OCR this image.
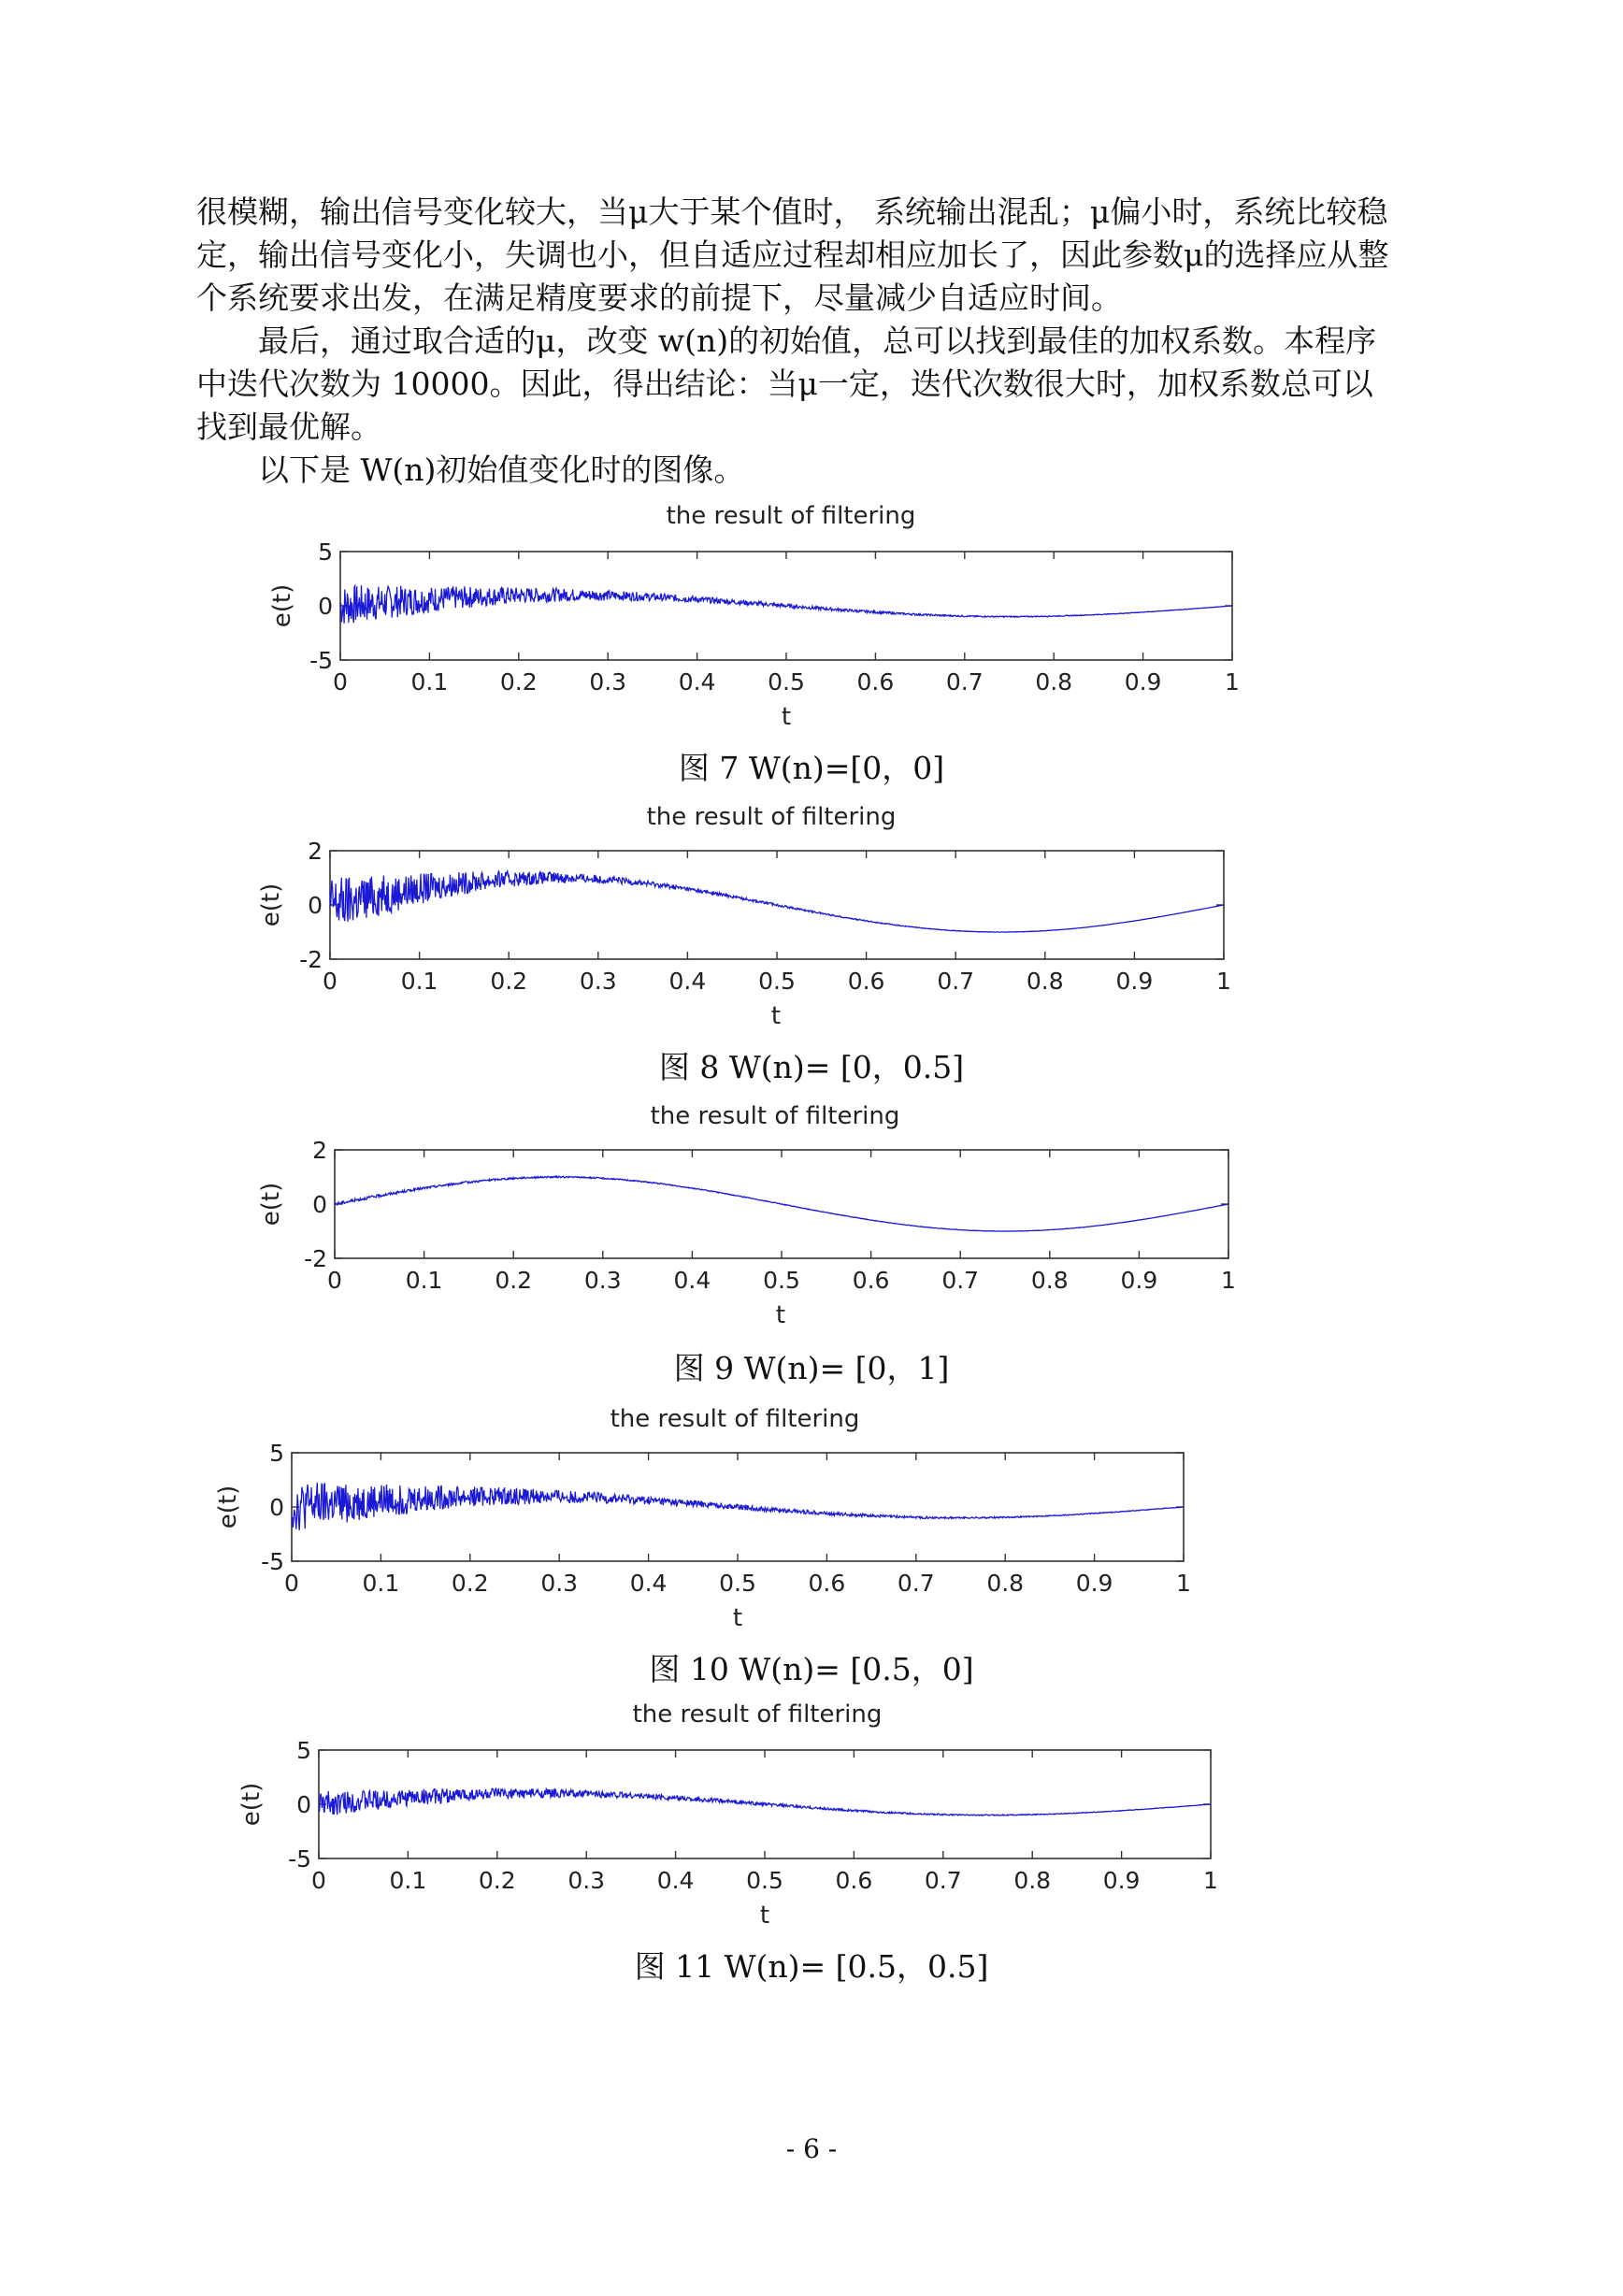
很模糊，输出信号变化较大，当μ大于某个值时， 系统输出混乱；μ偏小时，系统比较稳
定，输出信号变化小，失调也小，但自适应过程却相应加长了，因此参数μ的选择应从整
个系统要求出发，在满足精度要求的前提下，尽量减少自适应时间。

最后，通过取合适的μ，改变 w(n)的初始值，总可以找到最佳的加权系数。本程序
中迭代次数为 10000。因此，得出结论：当μ一定，迭代次数很大时，加权系数总可以
找到最优解。

以下是 W(n)初始值变化时的图像。

the result of filtering
0	0.1 0.2 0.3 0.4 0.5 0.6 0.7 0.8 0.9	1
5
0
-5
t
e(t)
图 7 W(n)=[0，0]
the result of filtering
0	0.1 0.2 0.3 0.4 0.5 0.6 0.7 0.8 0.9	1
2
0
-2
t
e(t)
图 8 W(n)= [0，0.5]
the result of filtering
0	0.1 0.2 0.3 0.4 0.5 0.6 0.7 0.8 0.9	1
2
0
-2
t
e(t)
图 9 W(n)= [0，1]
the result of filtering
0	0.1 0.2 0.3 0.4 0.5 0.6 0.7 0.8 0.9	1
5
0
-5
t
e(t)
图 10 W(n)= [0.5，0]
the result of filtering
0	0.1 0.2 0.3 0.4 0.5 0.6 0.7 0.8 0.9	1
5
0
-5
t
e(t)
图 11 W(n)= [0.5，0.5]
- 6 -
